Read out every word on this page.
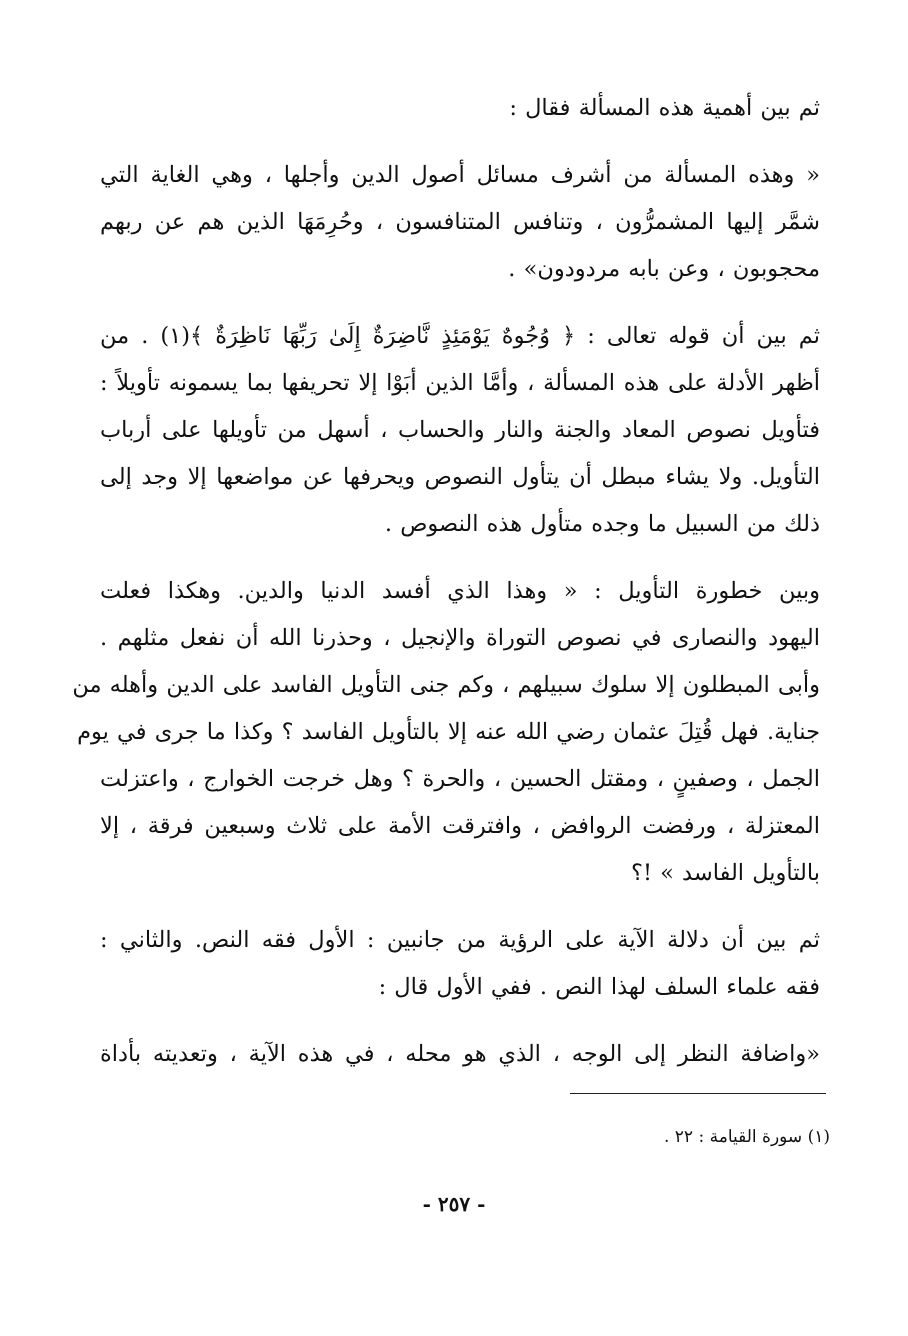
ثم بين أهمية هذه المسألة فقال :

« وهذه المسألة من أشرف مسائل أصول الدين وأجلها ، وهي الغاية التي
شمَّر إليها المشمرُّون ، وتنافس المتنافسون ، وحُرِمَهَا الذين هم عن ربهم
محجوبون ، وعن بابه مردودون» .

ثم بين أن قوله تعالى : ﴿ وُجُوهٌ يَوْمَئِذٍ نَّاضِرَةٌ إِلَىٰ رَبِّهَا نَاظِرَةٌ ﴾(١) . من
أظهر الأدلة على هذه المسألة ، وأمَّا الذين أبَوْا إلا تحريفها بما يسمونه تأويلاً :
فتأويل نصوص المعاد والجنة والنار والحساب ، أسهل من تأويلها على أرباب
التأويل. ولا يشاء مبطل أن يتأول النصوص ويحرفها عن مواضعها إلا وجد إلى
ذلك من السبيل ما وجده متأول هذه النصوص .

وبين خطورة التأويل : « وهذا الذي أفسد الدنيا والدين. وهكذا فعلت
اليهود والنصارى في نصوص التوراة والإنجيل ، وحذرنا الله أن نفعل مثلهم .
وأبى المبطلون إلا سلوك سبيلهم ، وكم جنى التأويل الفاسد على الدين وأهله من
جناية. فهل قُتِلَ عثمان رضي الله عنه إلا بالتأويل الفاسد ؟ وكذا ما جرى في يوم
الجمل ، وصفينٍ ، ومقتل الحسين ، والحرة ؟ وهل خرجت الخوارج ، واعتزلت
المعتزلة ، ورفضت الروافض ، وافترقت الأمة على ثلاث وسبعين فرقة ، إلا
بالتأويل الفاسد » !؟

ثم بين أن دلالة الآية على الرؤية من جانبين : الأول فقه النص. والثاني :
فقه علماء السلف لهذا النص . ففي الأول قال :

«واضافة النظر إلى الوجه ، الذي هو محله ، في هذه الآية ، وتعديته بأداة

(١) سورة القيامة : ٢٢ .
- ٢٥٧ -
